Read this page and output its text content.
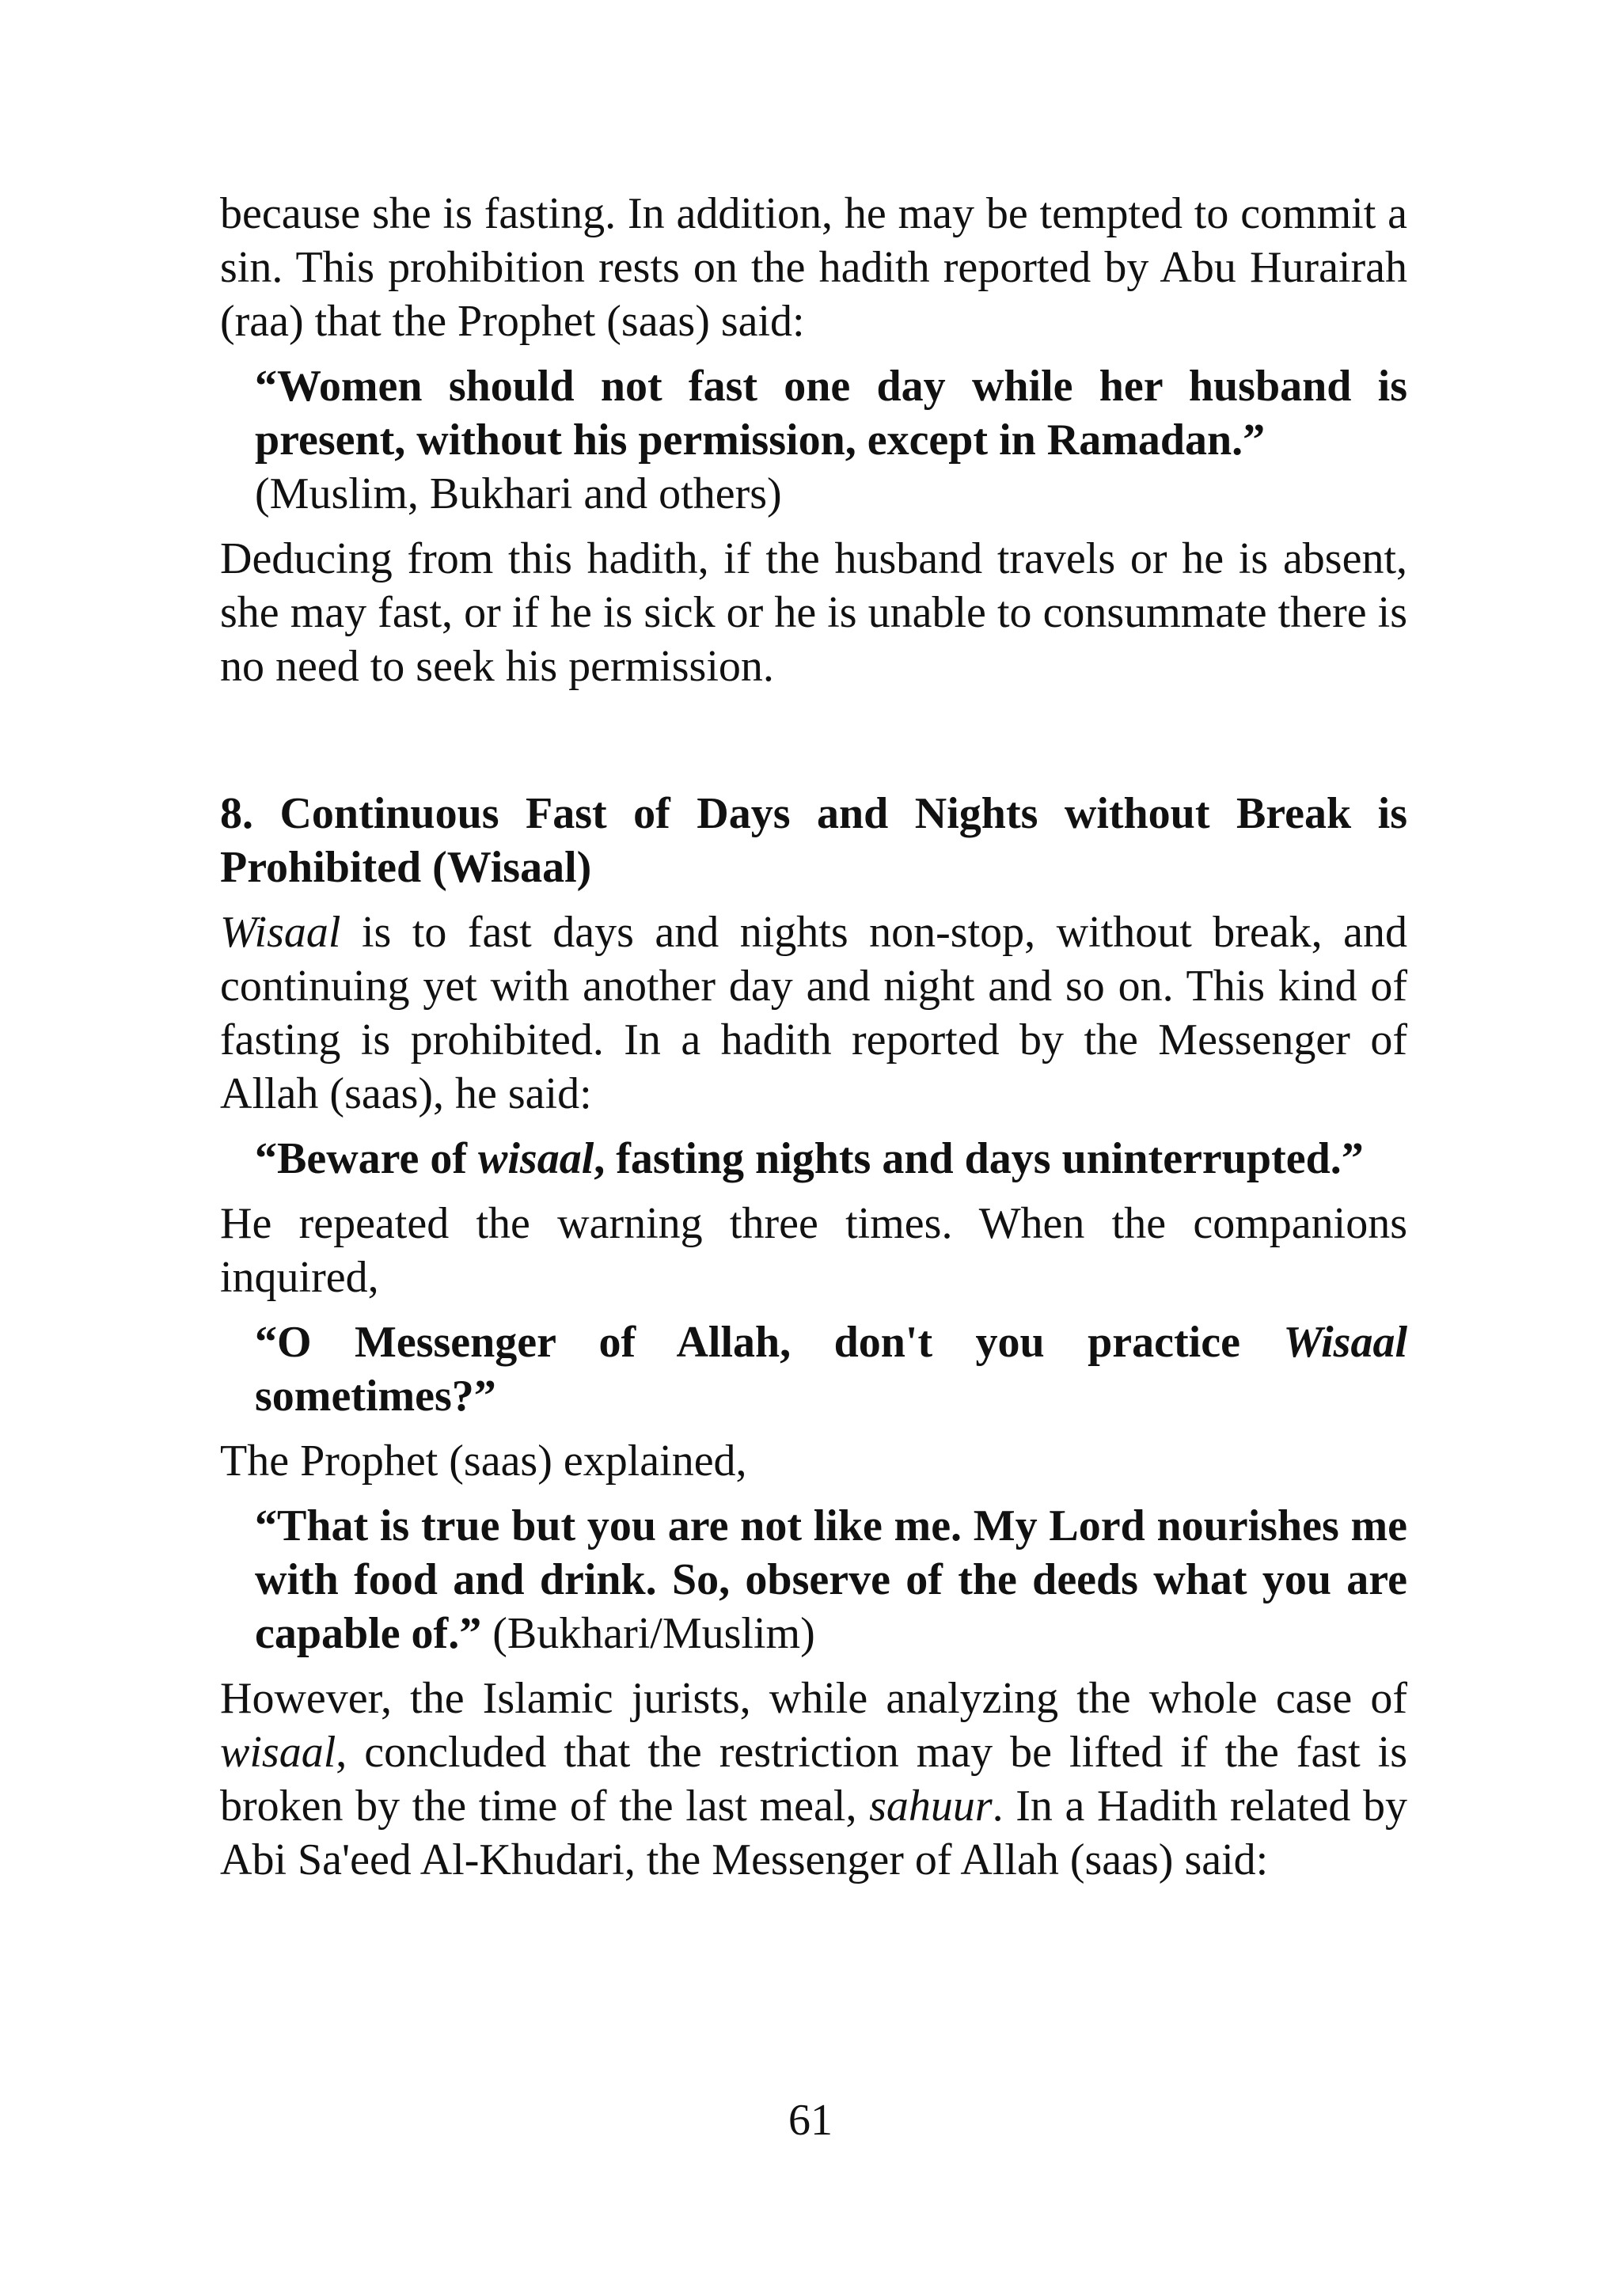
because she is fasting. In addition, he may be tempted to commit a sin. This prohibition rests on the hadith reported by Abu Hurairah (raa) that the Prophet (saas) said:

“Women should not fast one day while her husband is present, without his permission, except in Ramadan.”
(Muslim, Bukhari and others)

Deducing from this hadith, if the husband travels or he is absent, she may fast, or if he is sick or he is unable to consummate there is no need to seek his permission.

8. Continuous Fast of Days and Nights without Break is Prohibited (Wisaal)

Wisaal is to fast days and nights non-stop, without break, and continuing yet with another day and night and so on. This kind of fasting is prohibited. In a hadith reported by the Messenger of Allah (saas), he said:

“Beware of wisaal, fasting nights and days uninterrupted.”

He repeated the warning three times. When the companions inquired,

“O Messenger of Allah, don't you practice Wisaal sometimes?”

The Prophet (saas) explained,

“That is true but you are not like me. My Lord nourishes me with food and drink. So, observe of the deeds what you are capable of.” (Bukhari/Muslim)

However, the Islamic jurists, while analyzing the whole case of wisaal, concluded that the restriction may be lifted if the fast is broken by the time of the last meal, sahuur. In a Hadith related by Abi Sa'eed Al-Khudari, the Messenger of Allah (saas) said:

61
